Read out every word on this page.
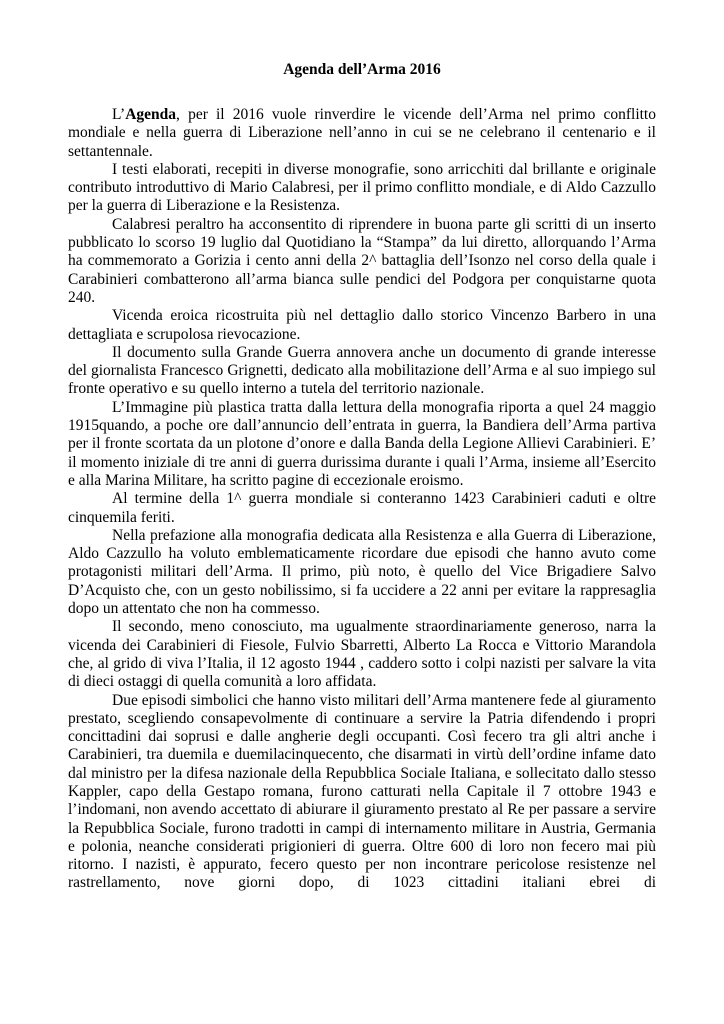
Agenda dell’Arma 2016

L’Agenda, per il 2016 vuole rinverdire le vicende dell’Arma nel primo conflitto mondiale e nella guerra di Liberazione nell’anno in cui se ne celebrano il centenario e il settantennale.

I testi elaborati, recepiti in diverse monografie, sono arricchiti dal brillante e originale contributo introduttivo di Mario Calabresi, per il primo conflitto mondiale, e di Aldo Cazzullo per la guerra di Liberazione e la Resistenza.

Calabresi peraltro ha acconsentito di riprendere in buona parte gli scritti di un inserto pubblicato lo scorso 19 luglio dal Quotidiano la “Stampa” da lui diretto, allorquando l’Arma ha commemorato a Gorizia i cento anni della 2^ battaglia dell’Isonzo nel corso della quale i Carabinieri combatterono all’arma bianca sulle pendici del Podgora per conquistarne quota 240.

Vicenda eroica ricostruita più nel dettaglio dallo storico Vincenzo Barbero in una dettagliata e scrupolosa rievocazione.

Il documento sulla Grande Guerra annovera anche un documento di grande interesse del giornalista Francesco Grignetti, dedicato alla mobilitazione dell’Arma e al suo impiego sul fronte operativo e su quello interno a tutela del territorio nazionale.

L’Immagine più plastica tratta dalla lettura della monografia riporta a quel 24 maggio 1915quando, a poche ore dall’annuncio dell’entrata in guerra, la Bandiera dell’Arma partiva per il fronte scortata da un plotone d’onore e dalla Banda della Legione Allievi Carabinieri. E’ il momento iniziale di tre anni di guerra durissima durante i quali l’Arma, insieme all’Esercito e alla Marina Militare, ha scritto pagine di eccezionale eroismo.

Al termine della 1^ guerra mondiale si conteranno 1423 Carabinieri caduti e oltre cinquemila feriti.

Nella prefazione alla monografia dedicata alla Resistenza e alla Guerra di Liberazione, Aldo Cazzullo ha voluto emblematicamente ricordare due episodi che hanno avuto come protagonisti militari dell’Arma. Il primo, più noto, è quello del Vice Brigadiere Salvo D’Acquisto che, con un gesto nobilissimo, si fa uccidere a 22 anni per evitare la rappresaglia dopo un attentato che non ha commesso.

Il secondo, meno conosciuto, ma ugualmente straordinariamente generoso, narra la vicenda dei Carabinieri di Fiesole, Fulvio Sbarretti, Alberto La Rocca e Vittorio Marandola che, al grido di viva l’Italia, il 12 agosto 1944 , caddero sotto i colpi nazisti per salvare la vita di dieci ostaggi di quella comunità a loro affidata.

Due episodi simbolici che hanno visto militari dell’Arma mantenere fede al giuramento prestato, scegliendo consapevolmente di continuare a servire la Patria difendendo i propri concittadini dai soprusi e dalle angherie degli occupanti. Così fecero tra gli altri anche i Carabinieri, tra duemila e duemilacinquecento, che disarmati in virtù dell’ordine infame dato dal ministro per la difesa nazionale della Repubblica Sociale Italiana, e sollecitato dallo stesso Kappler, capo della Gestapo romana, furono catturati nella Capitale il 7 ottobre 1943 e l’indomani, non avendo accettato di abiurare il giuramento prestato al Re per passare a servire la Repubblica Sociale, furono tradotti in campi di internamento militare in Austria, Germania e polonia, neanche considerati prigionieri di guerra. Oltre 600 di loro non fecero mai più ritorno. I nazisti, è appurato, fecero questo per non incontrare pericolose resistenze nel rastrellamento, nove giorni dopo, di 1023 cittadini italiani ebrei di
